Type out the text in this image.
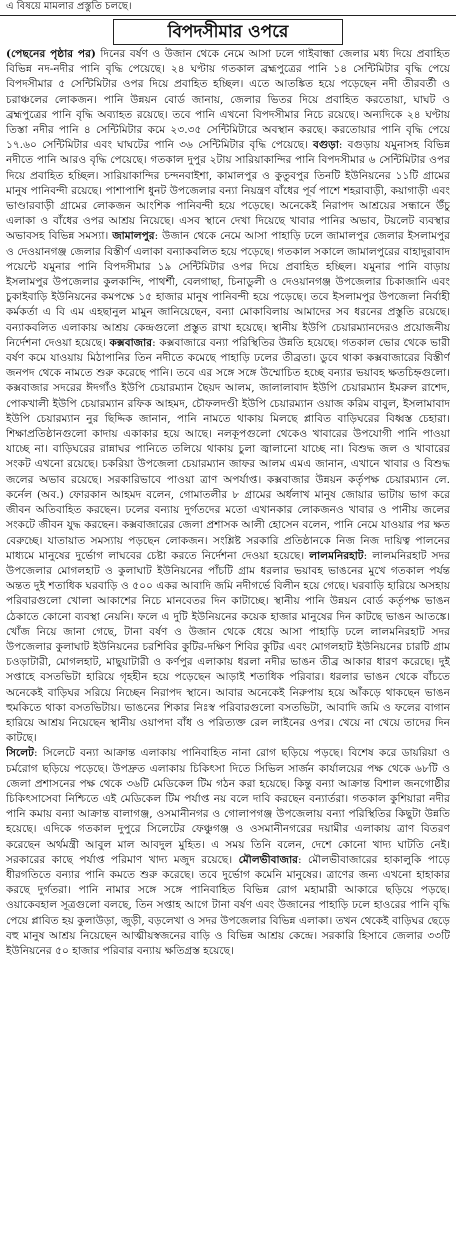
এ বিষয়ে মামলার প্রস্তুতি চলছে।
বিপদসীমার ওপরে

(পেছনের পৃষ্ঠার পর) দিনের বর্ষণ ও উজান থেকে নেমে আসা ঢলে গাইবান্ধা জেলার মধ্য দিয়ে প্রবাহিত বিভিন্ন নদ-নদীর পানি বৃদ্ধি পেয়েছে। ২৪ ঘণ্টায় গতকাল ব্রহ্মপুত্রের পানি ১৪ সেন্টিমিটার বৃদ্ধি পেয়ে বিপদসীমার ৫ সেন্টিমিটার ওপর দিয়ে প্রবাহিত হচ্ছিল। এতে আতঙ্কিত হয়ে পড়েছেন নদী তীরবর্তী ও চরাঞ্চলের লোকজন। পানি উন্নয়ন বোর্ড জানায়, জেলার ভিতর দিয়ে প্রবাহিত করতোয়া, ঘাঘট ও ব্রহ্মপুত্রের পানি বৃদ্ধি অব্যাহত রয়েছে। তবে পানি এখনো বিপদসীমার নিচে রয়েছে। অন্যদিকে ২৪ ঘণ্টায় তিস্তা নদীর পানি ৪ সেন্টিমিটার কমে ২৩.৩৫ সেন্টিমিটারে অবস্থান করছে। করতোয়ার পানি বৃদ্ধি পেয়ে ১৭.৬০ সেন্টিমিটার এবং ঘাঘটের পানি ৩৬ সেন্টিমিটার বৃদ্ধি পেয়েছে। বগুড়া: বগুড়ায় যমুনাসহ বিভিন্ন নদীতে পানি আরও বৃদ্ধি পেয়েছে। গতকাল দুপুর ২টায় সারিয়াকান্দির পানি বিপদসীমার ৬ সেন্টিমিটার ওপর দিয়ে প্রবাহিত হচ্ছিল। সারিয়াকান্দির চন্দনবাইশা, কামালপুর ও কুতুবপুর তিনটি ইউনিয়নের ১১টি গ্রামের মানুষ পানিবন্দী রয়েছে। পাশাপাশি ধুনট উপজেলার বন্যা নিয়ন্ত্রণ বাঁধের পূর্ব পাশে শহরাবাড়ী, কয়াগাড়ী এবং ভাণ্ডারবাড়ী গ্রামের লোকজন আংশিক পানিবন্দী হয়ে পড়েছে। অনেকেই নিরাপদ আশ্রয়ের সন্ধানে উঁচু এলাকা ও বাঁধের ওপর আশ্রয় নিয়েছে। এসব স্থানে দেখা দিয়েছে খাবার পানির অভাব, টয়লেট ব্যবস্থার অভাবসহ বিভিন্ন সমস্যা। জামালপুর: উজান থেকে নেমে আসা পাহাড়ি ঢলে জামালপুর জেলার ইসলামপুর ও দেওয়ানগঞ্জ জেলার বিস্তীর্ণ এলাকা বন্যাকবলিত হয়ে পড়েছে। গতকাল সকালে জামালপুরের বাহাদুরাবাদ পয়েন্টে যমুনার পানি বিপদসীমার ১৯ সেন্টিমিটার ওপর দিয়ে প্রবাহিত হচ্ছিল। যমুনার পানি বাড়ায় ইসলামপুর উপজেলার কুলকান্দি, পাথর্শী, বেলগাছা, চিনাডুলী ও দেওয়ানগঞ্জ উপজেলার চিকাজানি এবং চুকাইবাড়ি ইউনিয়নের কমপক্ষে ১৫ হাজার মানুষ পানিবন্দী হয়ে পড়েছে। তবে ইসলামপুর উপজেলা নির্বাহী কর্মকর্তা এ বি এম এহছানুল মামুন জানিয়েছেন, বন্যা মোকাবিলায় আমাদের সব ধরনের প্রস্তুতি রয়েছে। বন্যাকবলিত এলাকায় আশ্রয় কেন্দ্রগুলো প্রস্তুত রাখা হয়েছে। স্থানীয় ইউপি চেয়ারম্যানদেরও প্রয়োজনীয় নির্দেশনা দেওয়া হয়েছে। কক্সবাজার: কক্সবাজারে বন্যা পরিস্থিতির উন্নতি হয়েছে। গতকাল ভোর থেকে ভারী বর্ষণ কমে যাওয়ায় মিঠাপানির তিন নদীতে কমেছে পাহাড়ি ঢলের তীব্রতা। ডুবে থাকা কক্সবাজারের বিস্তীর্ণ জনপদ থেকে নামতে শুরু করেছে পানি। তবে এর সঙ্গে সঙ্গে উম্মোচিত হচ্ছে বন্যার ভয়াবহ ক্ষতচিহ্নগুলো। কক্সবাজার সদরের ঈদগাঁও ইউপি চেয়ারম্যান ছৈয়দ আলম, জালালাবাদ ইউপি চেয়ারম্যান ইমরুল রাশেদ, পোকখালী ইউপি চেয়ারম্যান রফিক আহমদ, চৌফলদণ্ডী ইউপি চেয়ারম্যান ওয়াজ করিম বাবুল, ইসলামাবাদ ইউপি চেয়ারম্যান নুর ছিদ্দিক জানান, পানি নামতে থাকায় মিলছে প্লাবিত বাড়িঘরের বিধ্বস্ত চেহারা। শিক্ষাপ্রতিষ্ঠানগুলো কাদায় একাকার হয়ে আছে। নলকূপগুলো থেকেও খাবারের উপযোগী পানি পাওয়া যাচ্ছে না। বাড়িঘরের রান্নাঘর পানিতে তলিয়ে থাকায় চুলা জ্বালানো যাচ্ছে না। বিশুদ্ধ জল ও খাবারের সংকট এখনো রয়েছে। চকরিয়া উপজেলা চেয়ারম্যান জাফর আলম এমএ জানান, এখানে খাবার ও বিশুদ্ধ জলের অভাব রয়েছে। সরকারিভাবে পাওয়া ত্রাণ অপর্যাপ্ত। কক্সবাজার উন্নয়ন কর্তৃপক্ষ চেয়ারম্যান লে. কর্নেল (অব.) ফোরকান আহমদ বলেন, গোমাতলীর ৮ গ্রামের অর্ধলাখ মানুষ জোয়ার ভাটায় ভাগ করে জীবন অতিবাহিত করছেন। ঢলের বন্যায় দুর্গতদের মতো এখানকার লোকজনও খাবার ও পানীয় জলের সংকটে জীবন যুদ্ধ করছেন। কক্সবাজারের জেলা প্রশাসক আলী হোসেন বলেন, পানি নেমে যাওয়ার পর ক্ষত বেরুচ্ছে। যাতায়াত সমস্যায় পড়ছেন লোকজন। সংশ্লিষ্ট সরকারি প্রতিষ্ঠানকে নিজ নিজ দায়িত্ব পালনের মাধ্যমে মানুষের দুর্ভোগ লাঘবের চেষ্টা করতে নির্দেশনা দেওয়া হয়েছে। লালমনিরহাট: লালমনিরহাট সদর উপজেলার মোগলহাট ও কুলাঘাট ইউনিয়নের পাঁচটি গ্রাম ধরলার ভয়াবহ ভাঙনের মুখে গতকাল পর্যন্ত অন্তত দুই শতাধিক ঘরবাড়ি ও ৫০০ একর আবাদি জমি নদীগর্ভে বিলীন হয়ে গেছে। ঘরবাড়ি হারিয়ে অসহায় পরিবারগুলো খোলা আকাশের নিচে মানবেতর দিন কাটাচ্ছে। স্থানীয় পানি উন্নয়ন বোর্ড কর্তৃপক্ষ ভাঙন ঠেকাতে কোনো ব্যবস্থা নেয়নি। ফলে এ দুটি ইউনিয়নের কয়েক হাজার মানুষের দিন কাটছে ভাঙন আতঙ্কে। খোঁজ নিয়ে জানা গেছে, টানা বর্ষণ ও উজান থেকে ধেয়ে আসা পাহাড়ি ঢলে লালমনিরহাট সদর উপজেলার কুলাঘাট ইউনিয়নের চরশিবির কুটির-দক্ষিণ শিবির কুটির এবং মোগলহাট ইউনিয়নের চারটি গ্রাম চওড়াটারী, মোগলহাট, মাছুয়াটারী ও কর্ণপুর এলাকায় ধরলা নদীর ভাঙন তীব্র আকার ধারণ করেছে। দুই সপ্তাহে বসতভিটা হারিয়ে গৃহহীন হয়ে পড়েছেন আড়াই শতাধিক পরিবার। ধরলার ভাঙন থেকে বাঁচতে অনেকেই বাড়িঘর সরিয়ে নিচ্ছেন নিরাপদ স্থানে। আবার অনেকেই নিরুপায় হয়ে আঁকড়ে থাকছেন ভাঙন হুমকিতে থাকা বসতভিটায়। ভাঙনের শিকার নিঃস্ব পরিবারগুলো বসতভিটা, আবাদি জমি ও ফলের বাগান হারিয়ে আশ্রয় নিয়েছেন স্থানীয় ওয়াপদা বাঁধ ও পরিত্যক্ত রেল লাইনের ওপর। খেয়ে না খেয়ে তাদের দিন কাটছে।

সিলেট: সিলেটে বন্যা আক্রান্ত এলাকায় পানিবাহিত নানা রোগ ছড়িয়ে পড়ছে। বিশেষ করে ডায়রিয়া ও চর্মরোগ ছড়িয়ে পড়েছে। উপদ্রুত এলাকায় চিকিৎসা দিতে সিভিল সার্জন কার্যালয়ের পক্ষ থেকে ৬৮টি ও জেলা প্রশাসনের পক্ষ থেকে ৩৬টি মেডিকেল টিম গঠন করা হয়েছে। কিন্তু বন্যা আক্রান্ত বিশাল জনগোষ্ঠীর চিকিৎসাসেবা নিশ্চিতে এই মেডিকেল টিম পর্যাপ্ত নয় বলে দাবি করছেন বন্যার্তরা। গতকাল কুশিয়ারা নদীর পানি কমায় বন্যা আক্রান্ত বালাগঞ্জ, ওসমানীনগর ও গোলাপগঞ্জ উপজেলায় বন্যা পরিস্থিতির কিছুটা উন্নতি হয়েছে। এদিকে গতকাল দুপুরে সিলেটের ফেঞ্চুগঞ্জ ও ওসমানীনগরের দয়ামীর এলাকায় ত্রাণ বিতরণ করেছেন অর্থমন্ত্রী আবুল মাল আবদুল মুহিত। এ সময় তিনি বলেন, দেশে কোনো খাদ্য ঘাটতি নেই। সরকারের কাছে পর্যাপ্ত পরিমাণ খাদ্য মজুদ রয়েছে। মৌলভীবাজার: মৌলভীবাজারের হাকালুকি পাড়ে ধীরগতিতে বন্যার পানি কমতে শুরু করেছে। তবে দুর্ভোগ কমেনি মানুষের। ত্রাণের জন্য এখনো হাহাকার করছে দুর্গতরা। পানি নামার সঙ্গে সঙ্গে পানিবাহিত বিভিন্ন রোগ মহামারী আকারে ছড়িয়ে পড়ছে। ওয়াকেবহাল সূত্রগুলো বলছে, তিন সপ্তাহ আগে টানা বর্ষণ এবং উজানের পাহাড়ি ঢলে হাওরের পানি বৃদ্ধি পেয়ে প্লাবিত হয় কুলাউড়া, জুড়ী, বড়লেখা ও সদর উপজেলার বিভিন্ন এলাকা। তখন থেকেই বাড়িঘর ছেড়ে বহু মানুষ আশ্রয় নিয়েছেন আত্মীয়স্বজনের বাড়ি ও বিভিন্ন আশ্রয় কেন্দ্রে। সরকারি হিসাবে জেলার ৩৩টি ইউনিয়নের ৫০ হাজার পরিবার বন্যায় ক্ষতিগ্রস্ত হয়েছে।
